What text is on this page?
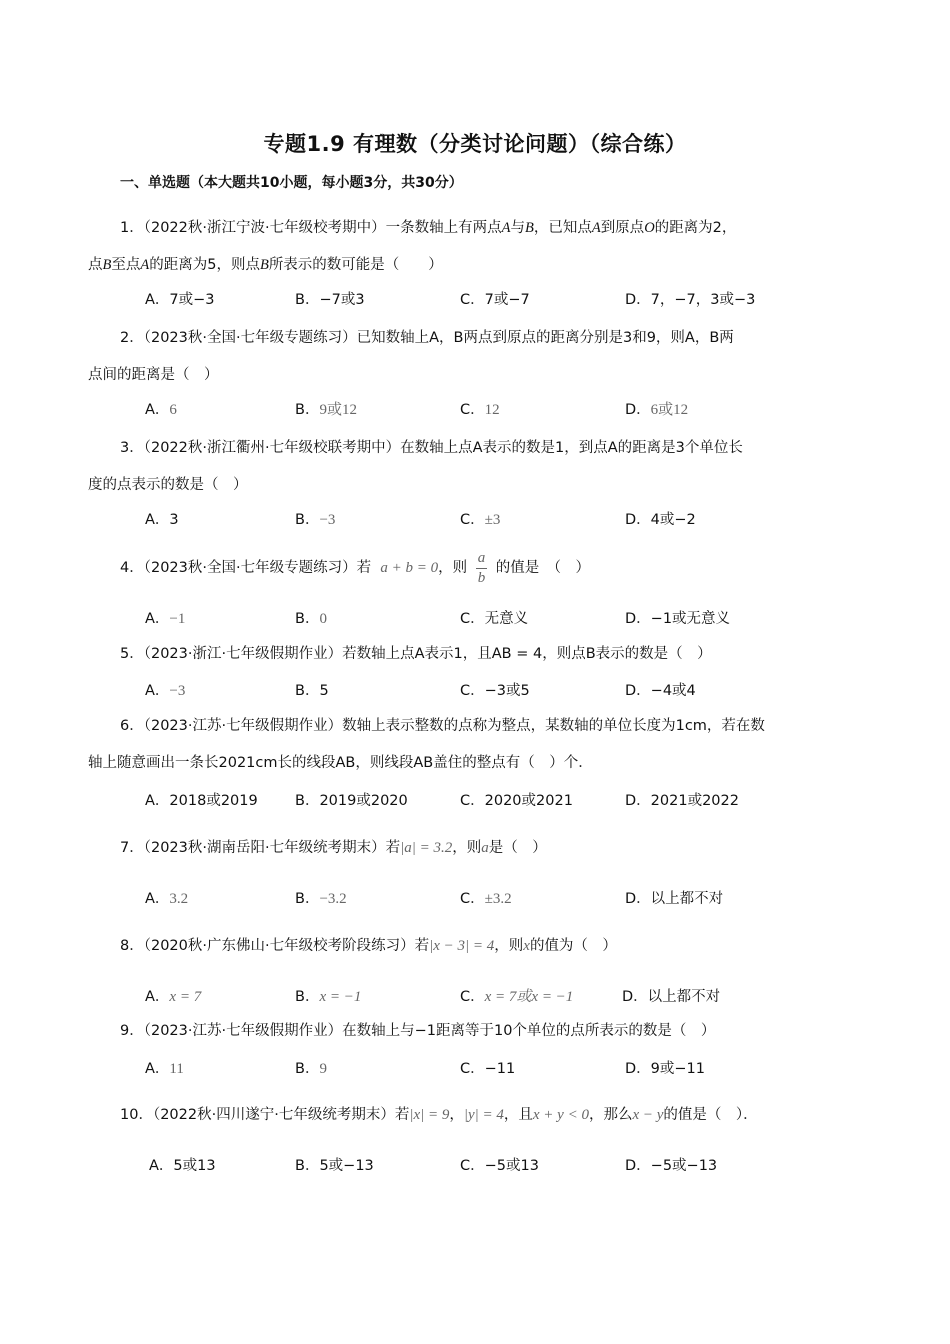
专题1.9 有理数（分类讨论问题）（综合练）
一、单选题（本大题共10小题，每小题3分，共30分）
1．（2022秋·浙江宁波·七年级校考期中）一条数轴上有两点A与B，已知点A到原点O的距离为2，
点B至点A的距离为5，则点B所表示的数可能是（　　）
A．7或−3	B．−7或3	C．7或−7	D．7，−7，3或−3
2．（2023秋·全国·七年级专题练习）已知数轴上A，B两点到原点的距离分别是3和9，则A，B两
点间的距离是（　）
A．6	B．9或12	C．12	D．6或12
3．（2022秋·浙江衢州·七年级校联考期中）在数轴上点A表示的数是1，到点A的距离是3个单位长
度的点表示的数是（　）
A．3	B．−3	C．±3	D．4或−2
4．（2023秋·全国·七年级专题练习）若 a + b = 0，则 $\frac{a}{b}$ 的值是　（　）
A．−1	B．0	C．无意义	D．−1或无意义
5．（2023·浙江·七年级假期作业）若数轴上点A表示1，且AB = 4，则点B表示的数是（　）
A．−3	B．5	C．−3或5	D．−4或4
6．（2023·江苏·七年级假期作业）数轴上表示整数的点称为整点，某数轴的单位长度为1cm，若在数
轴上随意画出一条长2021cm长的线段AB，则线段AB盖住的整点有（　）个．
A．2018或2019	B．2019或2020	C．2020或2021	D．2021或2022
7．（2023秋·湖南岳阳·七年级统考期末）若|a| = 3.2，则a是（　）
A．3.2	B．−3.2	C．±3.2	D．以上都不对
8．（2020秋·广东佛山·七年级校考阶段练习）若|x − 3| = 4，则x的值为（　）
A．x = 7	B．x = −1	C．x = 7或x = −1	D．以上都不对
9．（2023·江苏·七年级假期作业）在数轴上与−1距离等于10个单位的点所表示的数是（　）
A．11	B．9	C．−11	D．9或−11
10．（2022秋·四川遂宁·七年级统考期末）若|x| = 9，|y| = 4，且x + y < 0，那么x − y的值是（　）．
A．5或13	B．5或−13	C．−5或13	D．−5或−13
